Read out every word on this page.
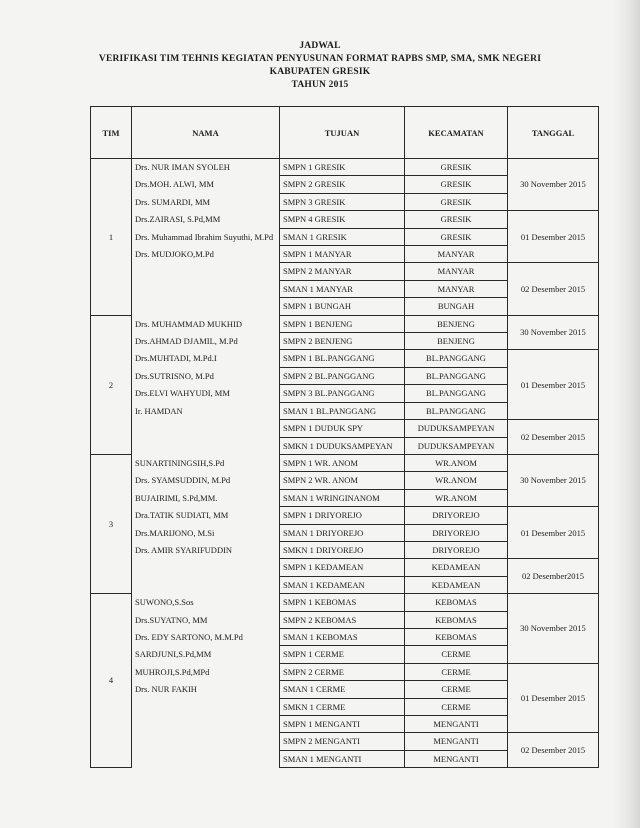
JADWAL
VERIFIKASI TIM TEHNIS KEGIATAN PENYUSUNAN FORMAT RAPBS SMP, SMA, SMK NEGERI
KABUPATEN GRESIK
TAHUN 2015
TIM	NAMA	TUJUAN	KECAMATAN	TANGGAL
1	Drs. NUR IMAN SYOLEH	SMPN 1 GRESIK	GRESIK	30 November 2015
	Drs.MOH. ALWI, MM	SMPN 2 GRESIK	GRESIK	
	Drs. SUMARDI, MM	SMPN 3 GRESIK	GRESIK	
	Drs.ZAIRASI, S.Pd,MM	SMPN 4 GRESIK	GRESIK	01 Desember 2015
	Drs. Muhammad Ibrahim Suyuthi, M.Pd	SMAN 1 GRESIK	GRESIK	
	Drs. MUDJOKO,M.Pd	SMPN 1 MANYAR	MANYAR	
		SMPN 2 MANYAR	MANYAR	02 Desember 2015
		SMAN 1 MANYAR	MANYAR	
		SMPN 1 BUNGAH	BUNGAH	
2	Drs. MUHAMMAD MUKHID	SMPN 1 BENJENG	BENJENG	30 November 2015
	Drs.AHMAD DJAMIL, M.Pd	SMPN 2 BENJENG	BENJENG	
	Drs.MUHTADI, M.Pd.I	SMPN 1 BL.PANGGANG	BL.PANGGANG	01 Desember 2015
	Drs.SUTRISNO, M.Pd	SMPN 2 BL.PANGGANG	BL.PANGGANG	
	Drs.ELVI WAHYUDI, MM	SMPN 3 BL.PANGGANG	BL.PANGGANG	
	Ir. HAMDAN	SMAN 1 BL.PANGGANG	BL.PANGGANG	
		SMPN 1 DUDUK SPY	DUDUKSAMPEYAN	02 Desember 2015
		SMKN 1 DUDUKSAMPEYAN	DUDUKSAMPEYAN	
3	SUNARTININGSIH,S.Pd	SMPN 1 WR. ANOM	WR.ANOM	30 November 2015
	Drs. SYAMSUDDIN, M.Pd	SMPN 2 WR. ANOM	WR.ANOM	
	BUJAIRIMI, S.Pd,MM.	SMAN 1 WRINGINANOM	WR.ANOM	
	Dra.TATIK SUDIATI, MM	SMPN 1 DRIYOREJO	DRIYOREJO	01 Desember 2015
	Drs.MARIJONO, M.Si	SMAN 1 DRIYOREJO	DRIYOREJO	
	Drs. AMIR SYARIFUDDIN	SMKN 1 DRIYOREJO	DRIYOREJO	
		SMPN 1 KEDAMEAN	KEDAMEAN	02 Desember2015
		SMAN 1 KEDAMEAN	KEDAMEAN	
4	SUWONO,S.Sos	SMPN 1 KEBOMAS	KEBOMAS	30 November 2015
	Drs.SUYATNO, MM	SMPN 2 KEBOMAS	KEBOMAS	
	Drs. EDY SARTONO, M.M.Pd	SMAN 1 KEBOMAS	KEBOMAS	
	SARDJUNI,S.Pd,MM	SMPN 1 CERME	CERME	
	MUHROJI,S.Pd,MPd	SMPN 2 CERME	CERME	01 Desember 2015
	Drs. NUR FAKIH	SMAN 1 CERME	CERME	
		SMKN 1 CERME	CERME	
		SMPN 1 MENGANTI	MENGANTI	
		SMPN 2 MENGANTI	MENGANTI	02 Desember 2015
		SMAN 1 MENGANTI	MENGANTI	
